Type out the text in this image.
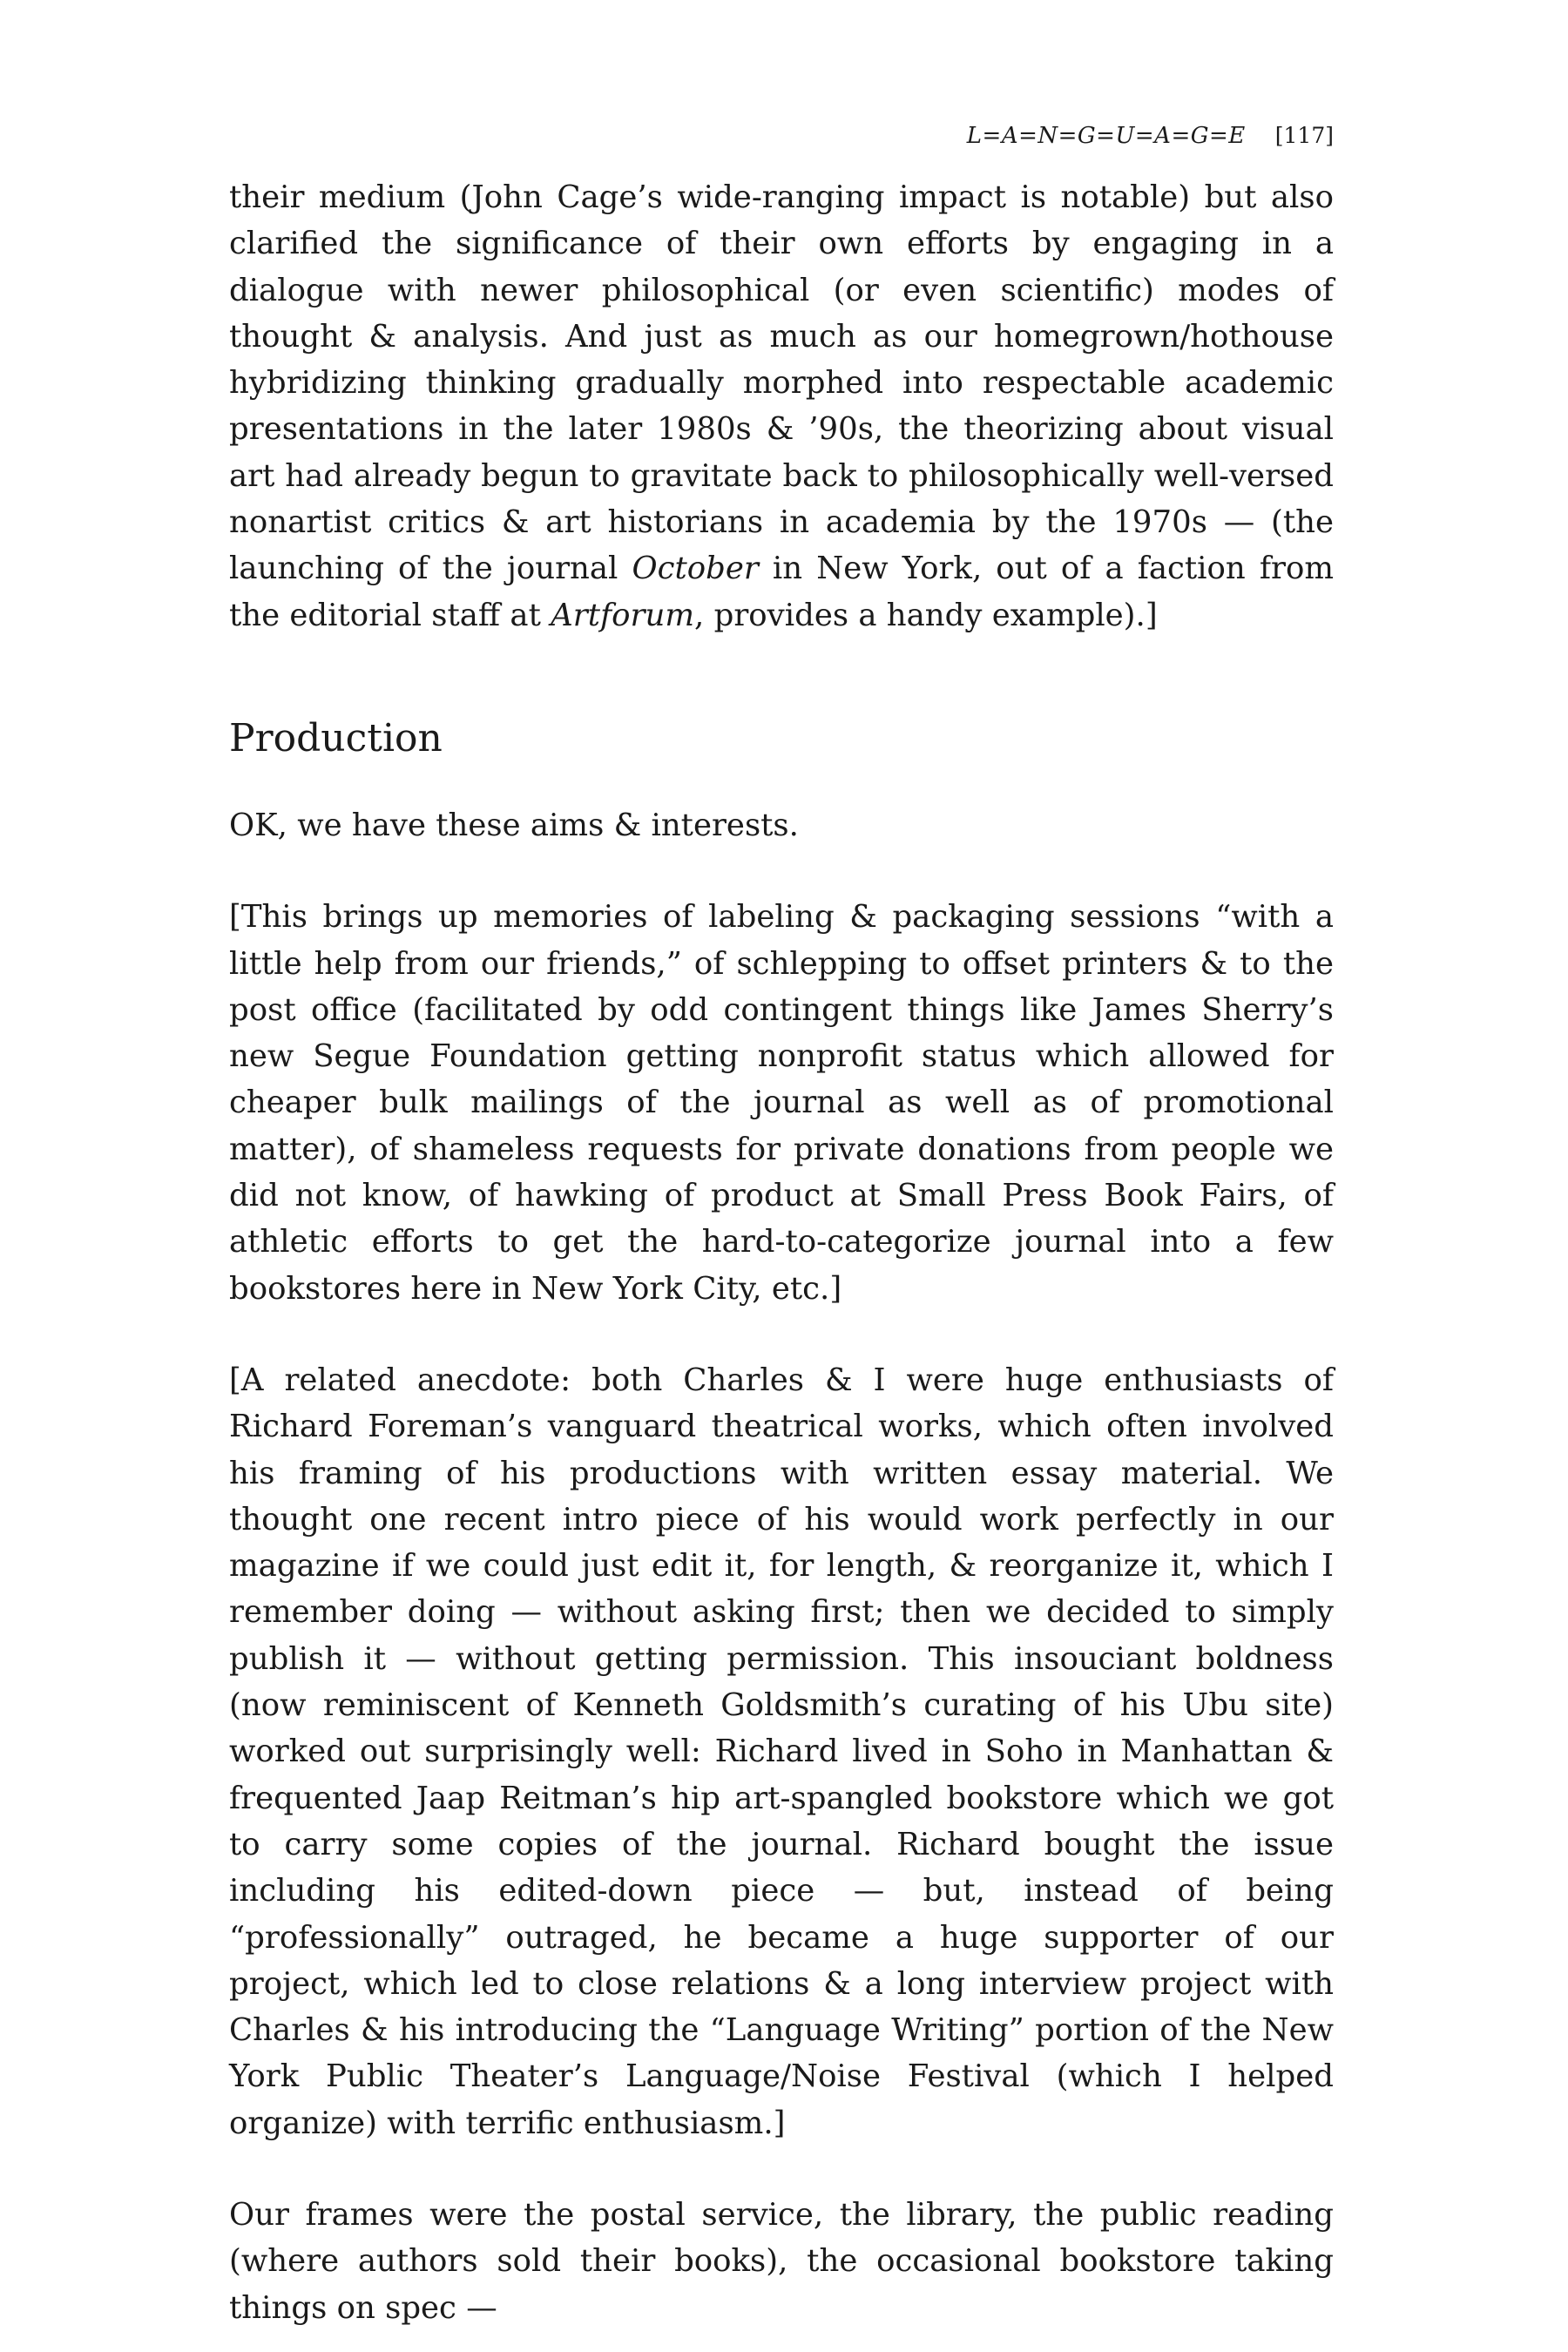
L=A=N=G=U=A=G=E [117]

their medium (John Cage’s wide-ranging impact is notable) but also clarified the significance of their own efforts by engaging in a dialogue with newer philosophical (or even scientific) modes of thought & analysis. And just as much as our homegrown/hothouse hybridizing thinking gradually morphed into respectable academic presentations in the later 1980s & ’90s, the theorizing about visual art had already begun to gravitate back to philosophically well-versed nonartist critics & art historians in academia by the 1970s — (the launching of the journal October in New York, out of a faction from the editorial staff at Artforum, provides a handy example).]

Production

OK, we have these aims & interests.

[This brings up memories of labeling & packaging sessions “with a little help from our friends,” of schlepping to offset printers & to the post office (facilitated by odd contingent things like James Sherry’s new Segue Foundation getting nonprofit status which allowed for cheaper bulk mailings of the journal as well as of promotional matter), of shameless requests for private donations from people we did not know, of hawking of product at Small Press Book Fairs, of athletic efforts to get the hard-to-categorize journal into a few bookstores here in New York City, etc.]

[A related anecdote: both Charles & I were huge enthusiasts of Richard Foreman’s vanguard theatrical works, which often involved his framing of his productions with written essay material. We thought one recent intro piece of his would work perfectly in our magazine if we could just edit it, for length, & reorganize it, which I remember doing — without asking first; then we decided to simply publish it — without getting permission. This insouciant boldness (now reminiscent of Kenneth Goldsmith’s curating of his Ubu site) worked out surprisingly well: Richard lived in Soho in Manhattan & frequented Jaap Reitman’s hip art-spangled bookstore which we got to carry some copies of the journal. Richard bought the issue including his edited-down piece — but, instead of being “professionally” outraged, he became a huge supporter of our project, which led to close relations & a long interview project with Charles & his introducing the “Language Writing” portion of the New York Public Theater’s Language/Noise Festival (which I helped organize) with terrific enthusiasm.]

Our frames were the postal service, the library, the public reading (where authors sold their books), the occasional bookstore taking things on spec —
